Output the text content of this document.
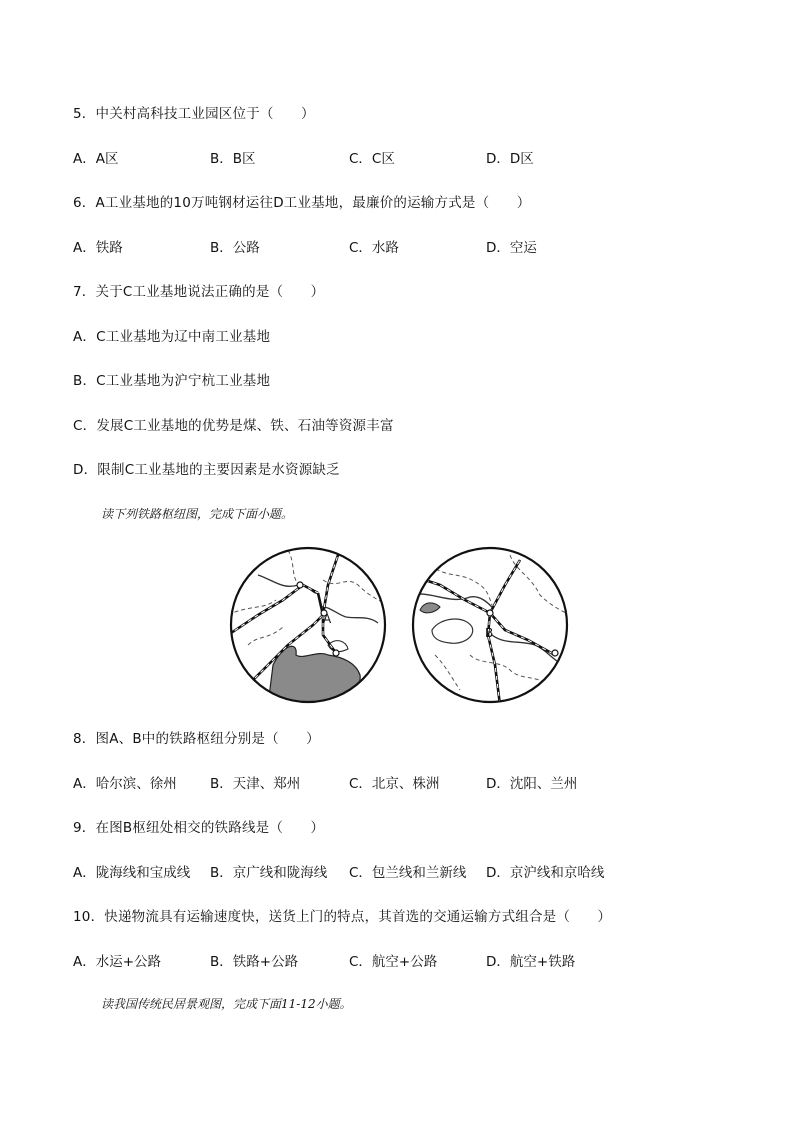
5．中关村高科技工业园区位于（　　）
A．A区	B．B区	C．C区	D．D区
6．A工业基地的10万吨钢材运往D工业基地，最廉价的运输方式是（　　）
A．铁路	B．公路	C．水路	D．空运
7．关于C工业基地说法正确的是（　　）
A．C工业基地为辽中南工业基地
B．C工业基地为沪宁杭工业基地
C．发展C工业基地的优势是煤、铁、石油等资源丰富
D．限制C工业基地的主要因素是水资源缺乏
读下列铁路枢纽图，完成下面小题。
A
B
8．图A、B中的铁路枢纽分别是（　　）
A．哈尔滨、徐州 B．天津、郑州	C．北京、株洲	D．沈阳、兰州
9．在图B枢纽处相交的铁路线是（　　）
A．陇海线和宝成线 B．京广线和陇海线 C．包兰线和兰新线 D．京沪线和京哈线
10．快递物流具有运输速度快，送货上门的特点，其首选的交通运输方式组合是（　　）
A．水运+公路	B．铁路+公路	C．航空+公路	D．航空+铁路
读我国传统民居景观图，完成下面11-12小题。
